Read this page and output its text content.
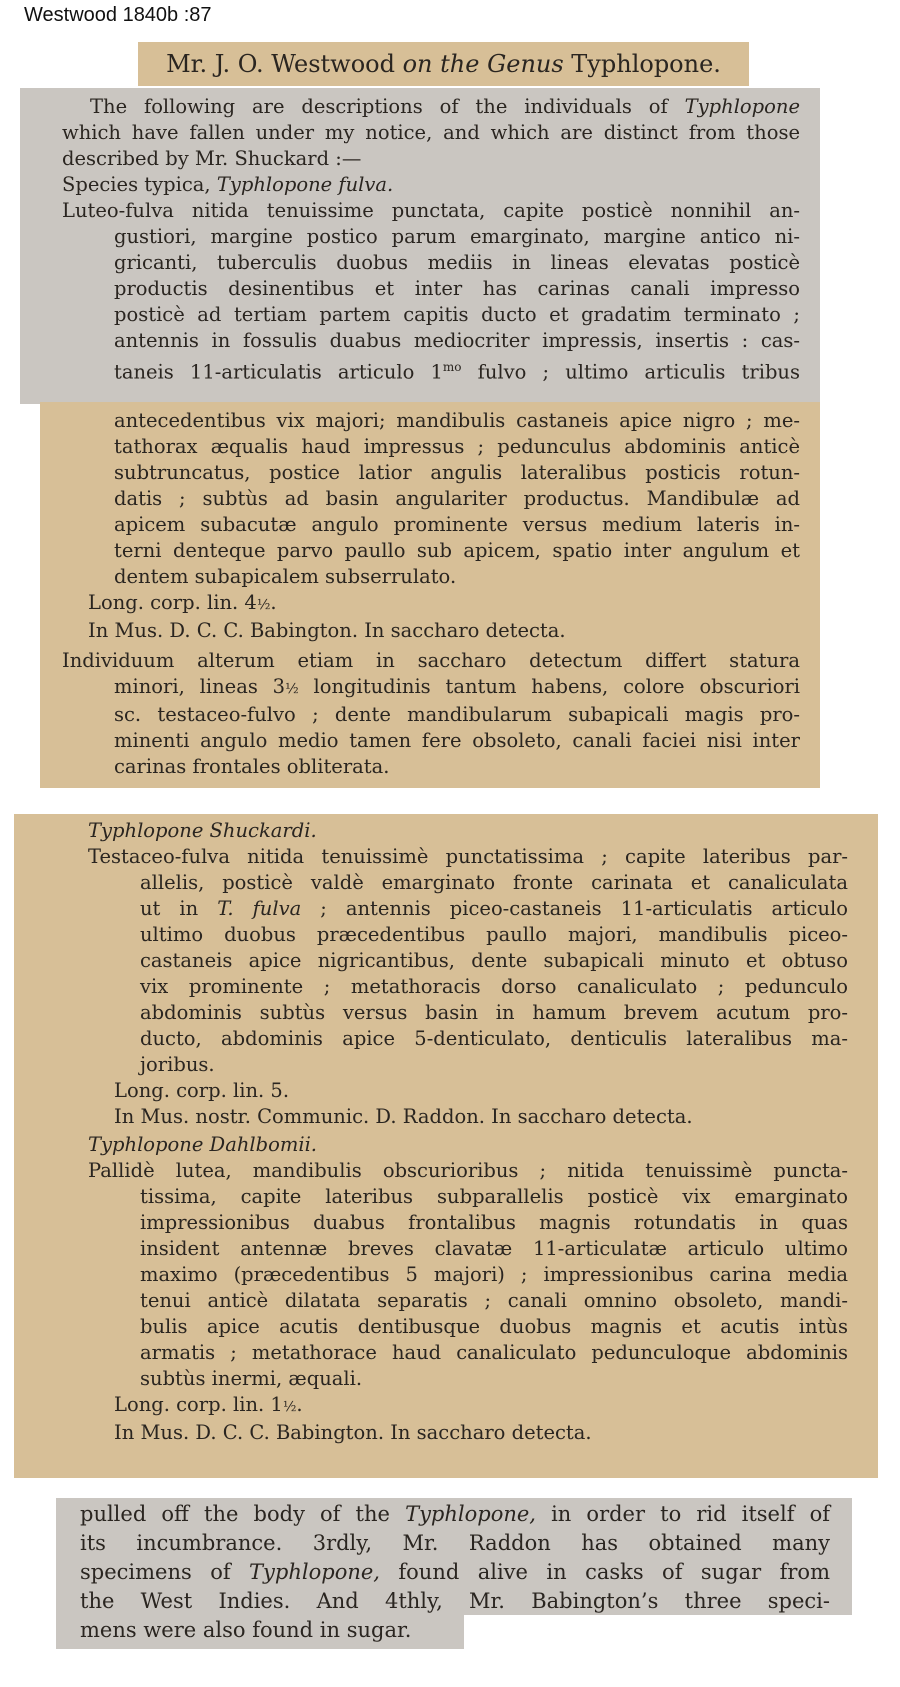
Westwood 1840b :87
Mr. J. O. Westwood on the Genus Typhlopone.
The following are descriptions of the individuals of Typhlopone
which have fallen under my notice, and which are distinct from those
described by Mr. Shuckard :—
Species typica, Typhlopone fulva.
Luteo-fulva nitida tenuissime punctata, capite posticè nonnihil an-
gustiori, margine postico parum emarginato, margine antico ni-
gricanti, tuberculis duobus mediis in lineas elevatas posticè
productis desinentibus et inter has carinas canali impresso
posticè ad tertiam partem capitis ducto et gradatim terminato ;
antennis in fossulis duabus mediocriter impressis, insertis : cas-
taneis 11-articulatis articulo $1^{mo}$ fulvo ; ultimo articulis tribus
antecedentibus vix majori; mandibulis castaneis apice nigro ; me-
tathorax æqualis haud impressus ; pedunculus abdominis anticè
subtruncatus, postice latior angulis lateralibus posticis rotun-
datis ; subtùs ad basin angulariter productus. Mandibulæ ad
apicem subacutæ angulo prominente versus medium lateris in-
terni denteque parvo paullo sub apicem, spatio inter angulum et
dentem subapicalem subserrulato.
Long. corp. lin. 4½.
In Mus. D. C. C. Babington. In saccharo detecta.
Individuum alterum etiam in saccharo detectum differt statura
minori, lineas 3½ longitudinis tantum habens, colore obscuriori
sc. testaceo-fulvo ; dente mandibularum subapicali magis pro-
minenti angulo medio tamen fere obsoleto, canali faciei nisi inter
carinas frontales obliterata.
Typhlopone Shuckardi.
Testaceo-fulva nitida tenuissimè punctatissima ; capite lateribus par-
allelis, posticè valdè emarginato fronte carinata et canaliculata
ut in T. fulva ; antennis piceo-castaneis 11-articulatis articulo
ultimo duobus præcedentibus paullo majori, mandibulis piceo-
castaneis apice nigricantibus, dente subapicali minuto et obtuso
vix prominente ; metathoracis dorso canaliculato ; pedunculo
abdominis subtùs versus basin in hamum brevem acutum pro-
ducto, abdominis apice 5-denticulato, denticulis lateralibus ma-
joribus.
Long. corp. lin. 5.
In Mus. nostr. Communic. D. Raddon. In saccharo detecta.
Typhlopone Dahlbomii.
Pallidè lutea, mandibulis obscurioribus ; nitida tenuissimè puncta-
tissima, capite lateribus subparallelis posticè vix emarginato
impressionibus duabus frontalibus magnis rotundatis in quas
insident antennæ breves clavatæ 11-articulatæ articulo ultimo
maximo (præcedentibus 5 majori) ; impressionibus carina media
tenui anticè dilatata separatis ; canali omnino obsoleto, mandi-
bulis apice acutis dentibusque duobus magnis et acutis intùs
armatis ; metathorace haud canaliculato pedunculoque abdominis
subtùs inermi, æquali.
Long. corp. lin. 1½.
In Mus. D. C. C. Babington. In saccharo detecta.
pulled off the body of the Typhlopone, in order to rid itself of
its incumbrance. 3rdly, Mr. Raddon has obtained many
specimens of Typhlopone, found alive in casks of sugar from
the West Indies. And 4thly, Mr. Babington’s three speci-
mens were also found in sugar.
